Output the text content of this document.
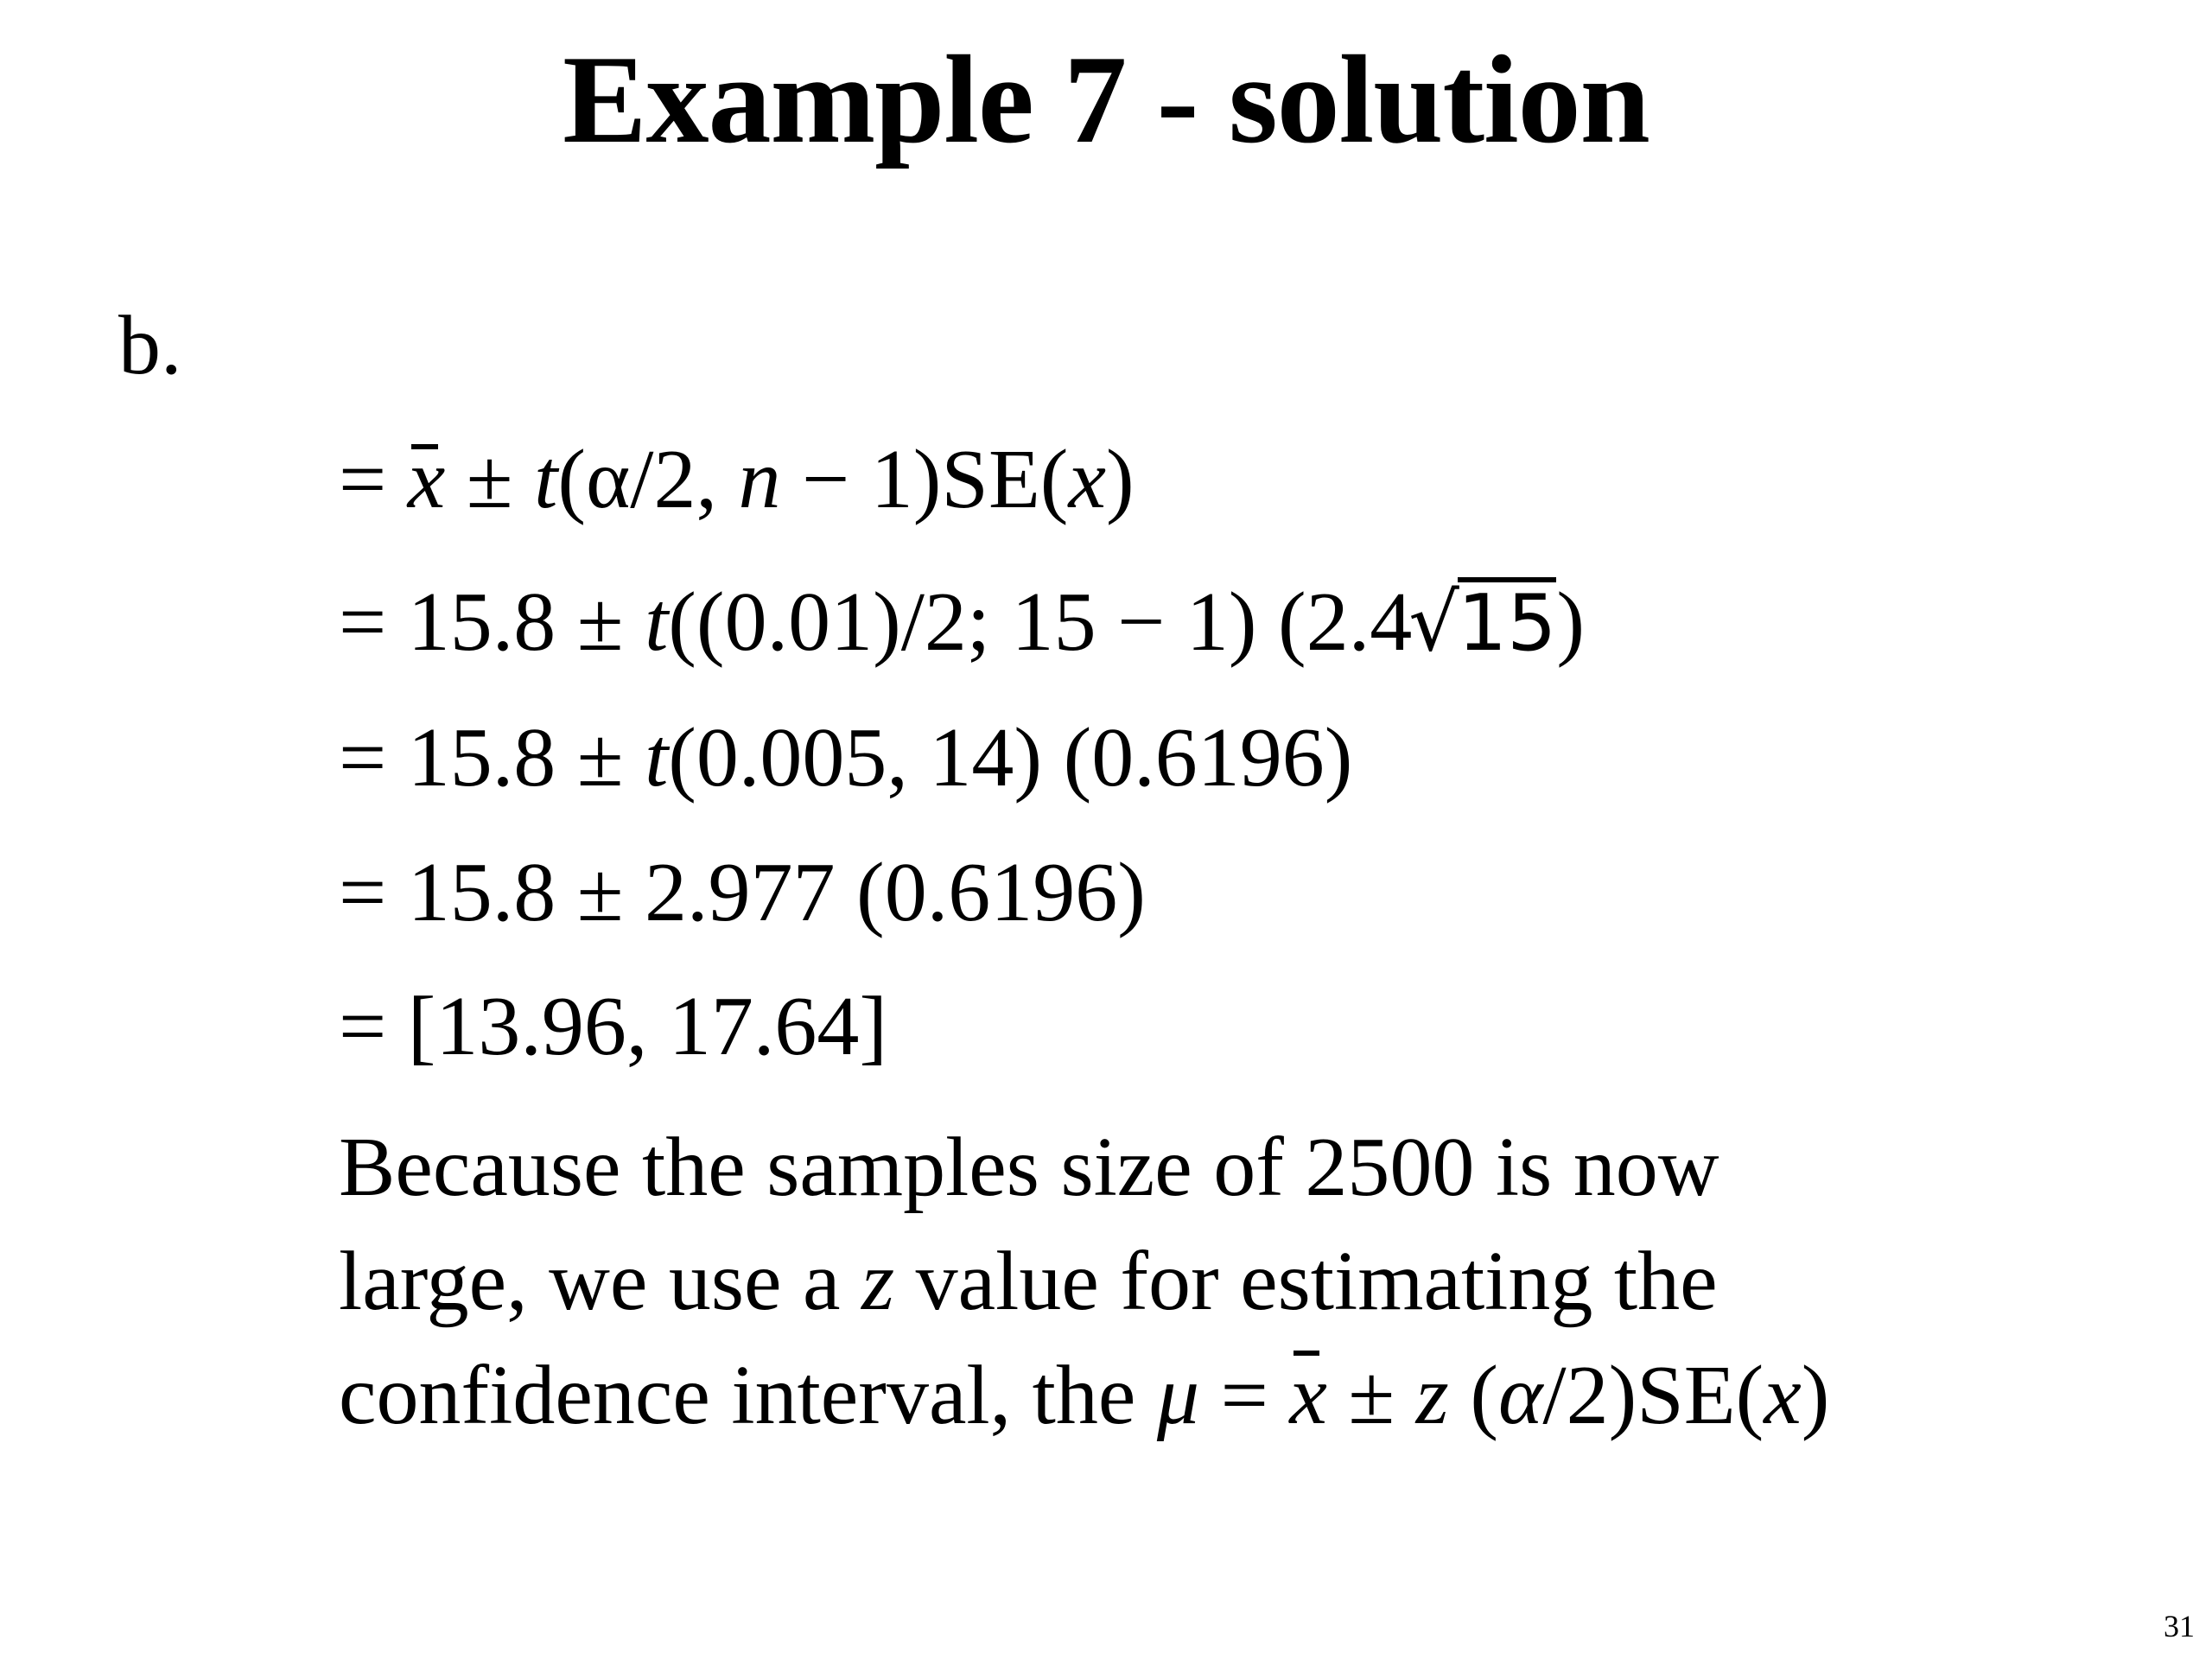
Example 7 - solution
b.
= x ± t(α/2, n − 1)SE(x)
= 15.8 ± t((0.01)/2; 15 − 1) (2.4√15)
= 15.8 ± t(0.005, 14) (0.6196)
= 15.8 ± 2.977 (0.6196)
= [13.96, 17.64]
Because the samples size of 2500 is now
large, we use a z value for estimating the
confidence interval, the μ = x ± z (α/2)SE(x)
31
